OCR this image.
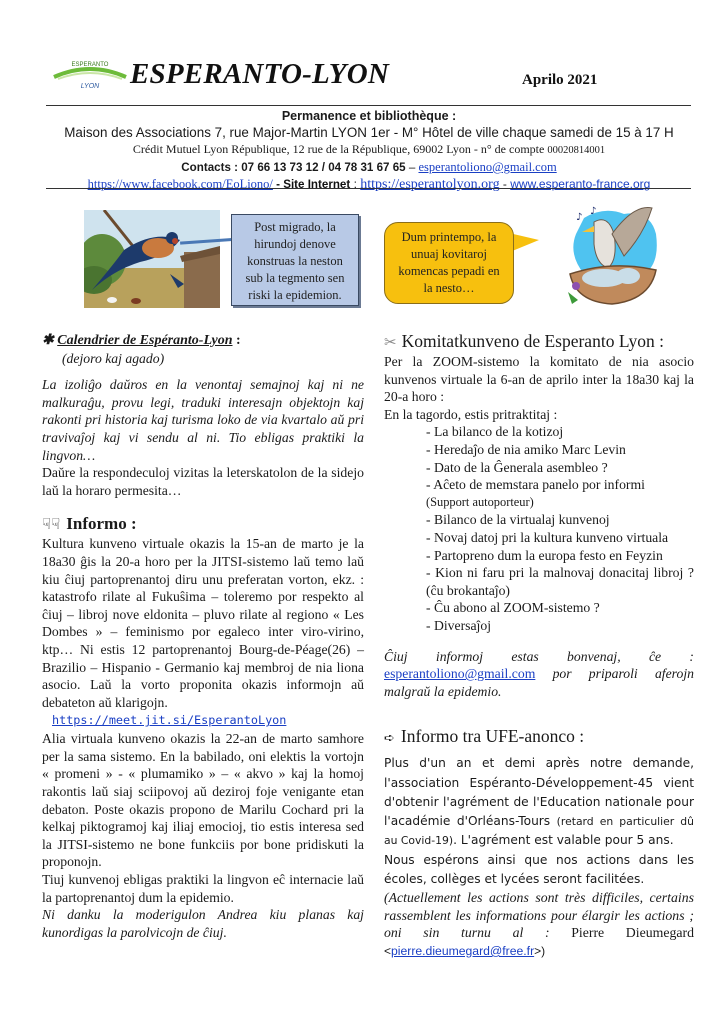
ESPERANTO
LYON ESPERANTO-LYON	Aprilo 2021
Permanence et bibliothèque :
Maison des Associations 7, rue Major-Martin LYON 1er - M° Hôtel de ville chaque samedi de 15 à 17 H
Crédit Mutuel Lyon République, 12 rue de la République, 69002 Lyon - n° de compte 00020814001
Contacts : 07 66 13 73 12 / 04 78 31 67 65 – esperantoliono@gmail.com
https://www.facebook.com/EoLiono/ - Site Internet : https://esperantolyon.org - www.esperanto-france.org
Post migrado, la
hirundoj denove
konstruas la neston
sub la tegmento sen
riski la epidemion.
Dum printempo, la
unuaj kovitaroj
komencas pepadi en
la nesto…
♪
♪
✱ Calendrier de Espéranto-Lyon :
(dejoro kaj agado)
La izoliĝo daŭros en la venontaj semajnoj kaj ni ne malkuraĝu, provu legi, traduki interesajn objektojn kaj rakonti pri historia kaj turisma loko de via kvartalo aŭ pri travivaĵoj kaj vi sendu al ni. Tio ebligas praktiki la lingvon…
Daŭre la respondeculoj vizitas la leterskatolon de la sidejo laŭ la horaro permesita…
☟☟ Informo :
Kultura kunveno virtuale okazis la 15-an de marto je la 18a30 ĝis la 20-a horo per la JITSI-sistemo laŭ temo laŭ kiu ĉiuj partoprenantoj diru unu preferatan vorton, ekz. : katastrofo rilate al Fukuŝima – toleremo por respekto al ĉiuj – libroj nove eldonita – pluvo rilate al regiono « Les Dombes » – feminismo por egaleco inter viro-virino, ktp… Ni estis 12 partoprenantoj Bourg-de-Péage(26) – Brazilio – Hispanio - Germanio kaj membroj de nia liona asocio. Laŭ la vorto proponita okazis informojn aŭ debateton aŭ klarigojn.
https://meet.jit.si/EsperantoLyon
Alia virtuala kunveno okazis la 22-an de marto samhore per la sama sistemo. En la babilado, oni elektis la vortojn « promeni » - « plumamiko » – « akvo » kaj la homoj rakontis laŭ siaj sciipovoj aŭ deziroj foje venigante etan debaton. Poste okazis propono de Marilu Cochard pri la kelkaj piktogramoj kaj iliaj emocioj, tio estis interesa sed la JITSI-sistemo ne bone funkciis por bone pridiskuti la proponojn.
Tiuj kunvenoj ebligas praktiki la lingvon eĉ internacie laŭ la partoprenantoj dum la epidemio.
Ni danku la moderigulon Andrea kiu planas kaj kunordigas la parolvicojn de ĉiuj.
✂ Komitatkunveno de Esperanto Lyon :
Per la ZOOM-sistemo la komitato de nia asocio kunvenos virtuale la 6-an de aprilo inter la 18a30 kaj la 20-a horo :
En la tagordo, estis pritraktitaj :
- La bilanco de la kotizoj
- Heredaĵo de nia amiko Marc Levin
- Dato de la Ĝenerala asembleo ?
- Aĉeto de memstara panelo por informi
(Support autoporteur)
- Bilanco de la virtualaj kunvenoj
- Novaj datoj pri la kultura kunveno virtuala
- Partopreno dum la europa festo en Feyzin
- Kion ni faru pri la malnovaj donacitaj libroj ? (ĉu brokantaĵo)
- Ĉu abono al ZOOM-sistemo ?
- Diversaĵoj
Ĉiuj informoj estas bonvenaj, ĉe : esperantoliono@gmail.com por priparoli aferojn malgraŭ la epidemio.
➪ Informo tra UFE-anonco :
Plus d'un an et demi après notre demande, l'association Espéranto-Développement-45 vient d'obtenir l'agrément de l'Education nationale pour l'académie d'Orléans-Tours (retard en particulier dû au Covid-19). L'agrément est valable pour 5 ans.
Nous espérons ainsi que nos actions dans les écoles, collèges et lycées seront facilitées.
(Actuellement les actions sont très difficiles, certains rassemblent les informations pour élargir les actions ; oni sin turnu al : Pierre Dieumegard <pierre.dieumegard@free.fr>)
